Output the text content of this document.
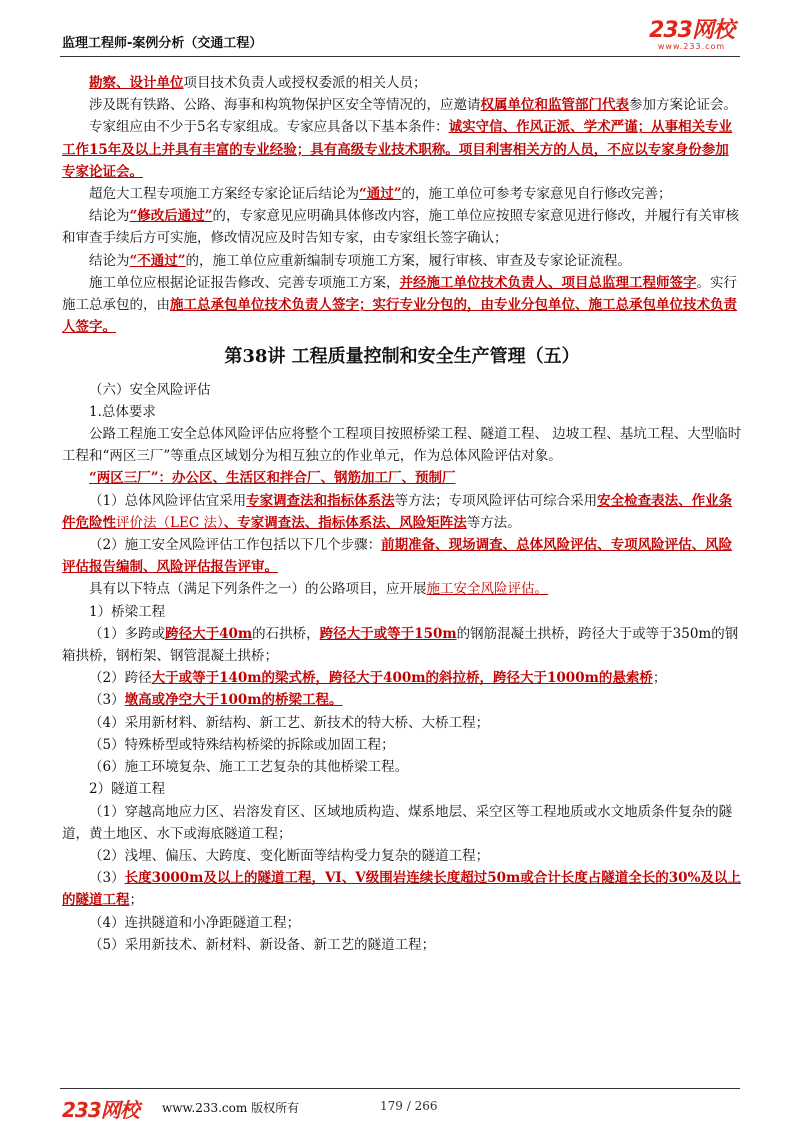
监理工程师-案例分析（交通工程）
233网校
www.233.com

勘察、设计单位项目技术负责人或授权委派的相关人员；

涉及既有铁路、公路、海事和构筑物保护区安全等情况的，应邀请权属单位和监管部门代表参加方案论证会。

专家组应由不少于5名专家组成。专家应具备以下基本条件：诚实守信、作风正派、学术严谨；从事相关专业工作15年及以上并具有丰富的专业经验；具有高级专业技术职称。项目利害相关方的人员，不应以专家身份参加专家论证会。

超危大工程专项施工方案经专家论证后结论为“通过”的，施工单位可参考专家意见自行修改完善；

结论为“修改后通过”的，专家意见应明确具体修改内容，施工单位应按照专家意见进行修改，并履行有关审核和审查手续后方可实施，修改情况应及时告知专家，由专家组长签字确认；

结论为“不通过”的，施工单位应重新编制专项施工方案，履行审核、审查及专家论证流程。

施工单位应根据论证报告修改、完善专项施工方案，并经施工单位技术负责人、项目总监理工程师签字。实行施工总承包的，由施工总承包单位技术负责人签字；实行专业分包的，由专业分包单位、施工总承包单位技术负责人签字。

第38讲 工程质量控制和安全生产管理（五）

（六）安全风险评估

1.总体要求

公路工程施工安全总体风险评估应将整个工程项目按照桥梁工程、隧道工程、 边坡工程、基坑工程、大型临时工程和“两区三厂”等重点区域划分为相互独立的作业单元，作为总体风险评估对象。

“两区三厂”：办公区、生活区和拌合厂、钢筋加工厂、预制厂

（1）总体风险评估宜采用专家调查法和指标体系法等方法；专项风险评估可综合采用安全检查表法、作业条件危险性评价法（LEC 法）、专家调查法、指标体系法、风险矩阵法等方法。

（2）施工安全风险评估工作包括以下几个步骤：前期准备、现场调查、总体风险评估、专项风险评估、风险评估报告编制、风险评估报告评审。

具有以下特点（满足下列条件之一）的公路项目，应开展施工安全风险评估。

1）桥梁工程

（1）多跨或跨径大于40m的石拱桥，跨径大于或等于150m的钢筋混凝土拱桥，跨径大于或等于350m的钢箱拱桥，钢桁架、钢管混凝土拱桥；

（2）跨径大于或等于140m的梁式桥，跨径大于400m的斜拉桥，跨径大于1000m的悬索桥；

（3）墩高或净空大于100m的桥梁工程。

（4）采用新材料、新结构、新工艺、新技术的特大桥、大桥工程；

（5）特殊桥型或特殊结构桥梁的拆除或加固工程；

（6）施工环境复杂、施工工艺复杂的其他桥梁工程。

2）隧道工程

（1）穿越高地应力区、岩溶发育区、区域地质构造、煤系地层、采空区等工程地质或水文地质条件复杂的隧道，黄土地区、水下或海底隧道工程；

（2）浅埋、偏压、大跨度、变化断面等结构受力复杂的隧道工程；

（3）长度3000m及以上的隧道工程，VI、V级围岩连续长度超过50m或合计长度占隧道全长的30%及以上的隧道工程；

（4）连拱隧道和小净距隧道工程；

（5）采用新技术、新材料、新设备、新工艺的隧道工程；

233网校 www.233.com 版权所有	179 / 266
